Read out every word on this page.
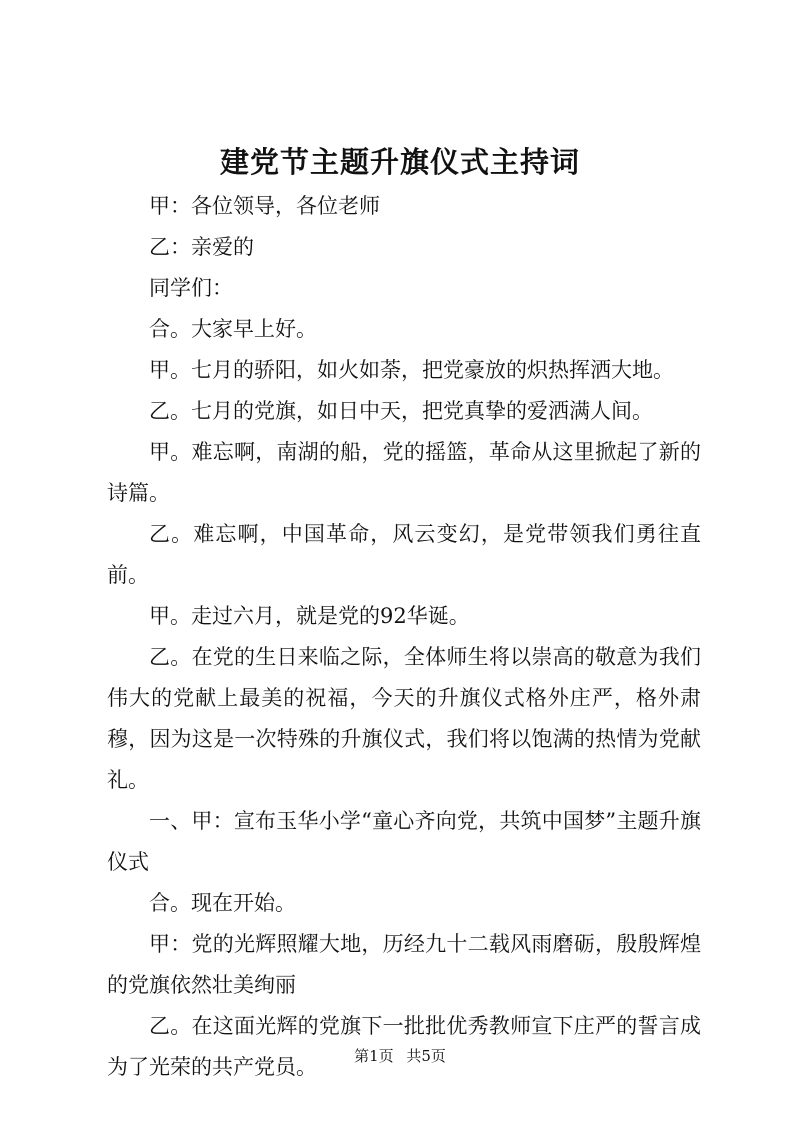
建党节主题升旗仪式主持词

甲：各位领导，各位老师

乙：亲爱的

同学们：

合。大家早上好。

甲。七月的骄阳，如火如荼，把党豪放的炽热挥洒大地。

乙。七月的党旗，如日中天，把党真挚的爱洒满人间。

甲。难忘啊，南湖的船，党的摇篮，革命从这里掀起了新的诗篇。

乙。难忘啊，中国革命，风云变幻，是党带领我们勇往直前。

甲。走过六月，就是党的92华诞。

乙。在党的生日来临之际，全体师生将以崇高的敬意为我们伟大的党献上最美的祝福，今天的升旗仪式格外庄严，格外肃穆，因为这是一次特殊的升旗仪式，我们将以饱满的热情为党献礼。

一、甲：宣布玉华小学“童心齐向党，共筑中国梦”主题升旗仪式

合。现在开始。

甲：党的光辉照耀大地，历经九十二载风雨磨砺，殷殷辉煌的党旗依然壮美绚丽

乙。在这面光辉的党旗下一批批优秀教师宣下庄严的誓言成为了光荣的共产党员。	第1页 共5页
